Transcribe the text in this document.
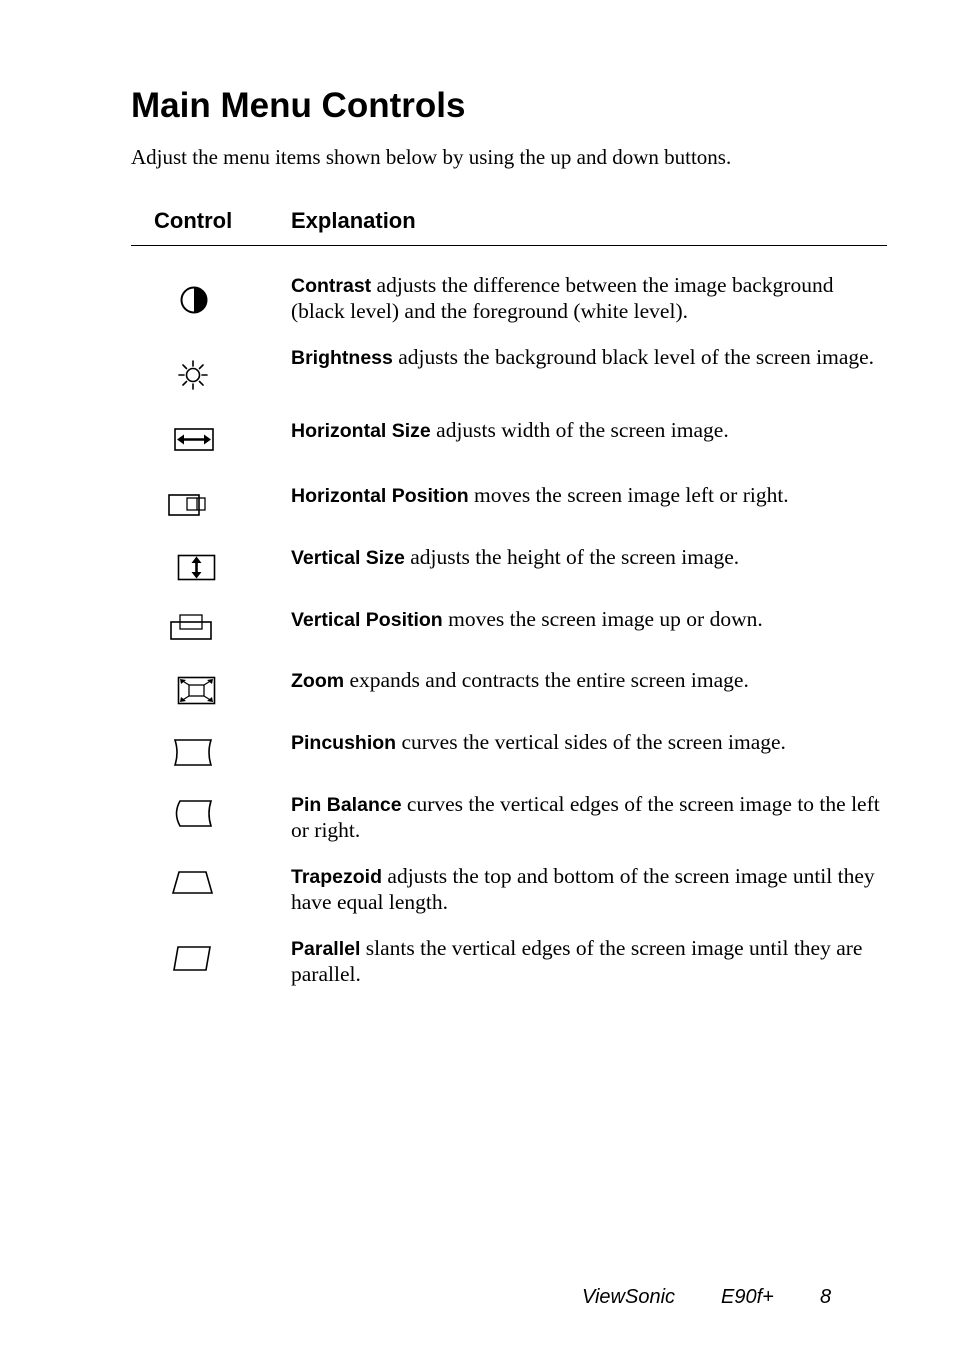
Main Menu Controls

Adjust the menu items shown below by using the up and down buttons.

Control	Explanation

Contrast adjusts the difference between the image background (black level) and the foreground (white level).

Brightness adjusts the background black level of the screen image.

Horizontal Size adjusts width of the screen image.

Horizontal Position moves the screen image left or right.

Vertical Size adjusts the height of the screen image.

Vertical Position moves the screen image up or down.

Zoom expands and contracts the entire screen image.

Pincushion curves the vertical sides of the screen image.

Pin Balance curves the vertical edges of the screen image to the left or right.

Trapezoid adjusts the top and bottom of the screen image until they have equal length.

Parallel slants the vertical edges of the screen image until they are parallel.

ViewSonic E90f+ 8
